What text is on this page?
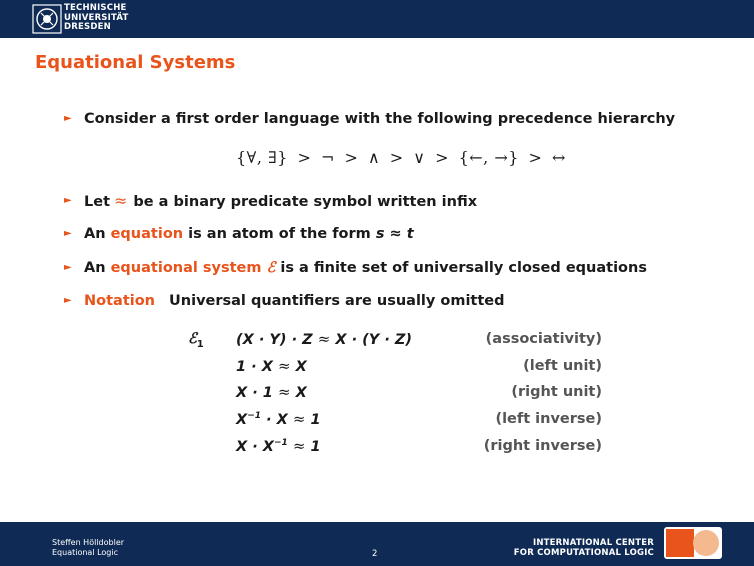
TECHNISCHE
UNIVERSITÄT
DRESDEN
Equational Systems
► Consider a first order language with the following precedence hierarchy
{∀, ∃} > ¬ > ∧ > ∨ > {←, →} > ↔
► Let ≈ be a binary predicate symbol written infix
► An equation is an atom of the form s ≈ t
► An equational system ℰ is a finite set of universally closed equations
► Notation Universal quantifiers are usually omitted
ℰ$_1$ (X · Y) · Z ≈ X · (Y · Z)	(associativity)
1 · X ≈ X	(left unit)
X · 1 ≈ X	(right unit)
$X^{-1} \cdot X \approx 1$	(left inverse)
$X \cdot X^{-1} \approx 1$	(right inverse)
Steffen Hölldobler
Equational Logic	2
INTERNATIONAL CENTER
FOR COMPUTATIONAL LOGIC
